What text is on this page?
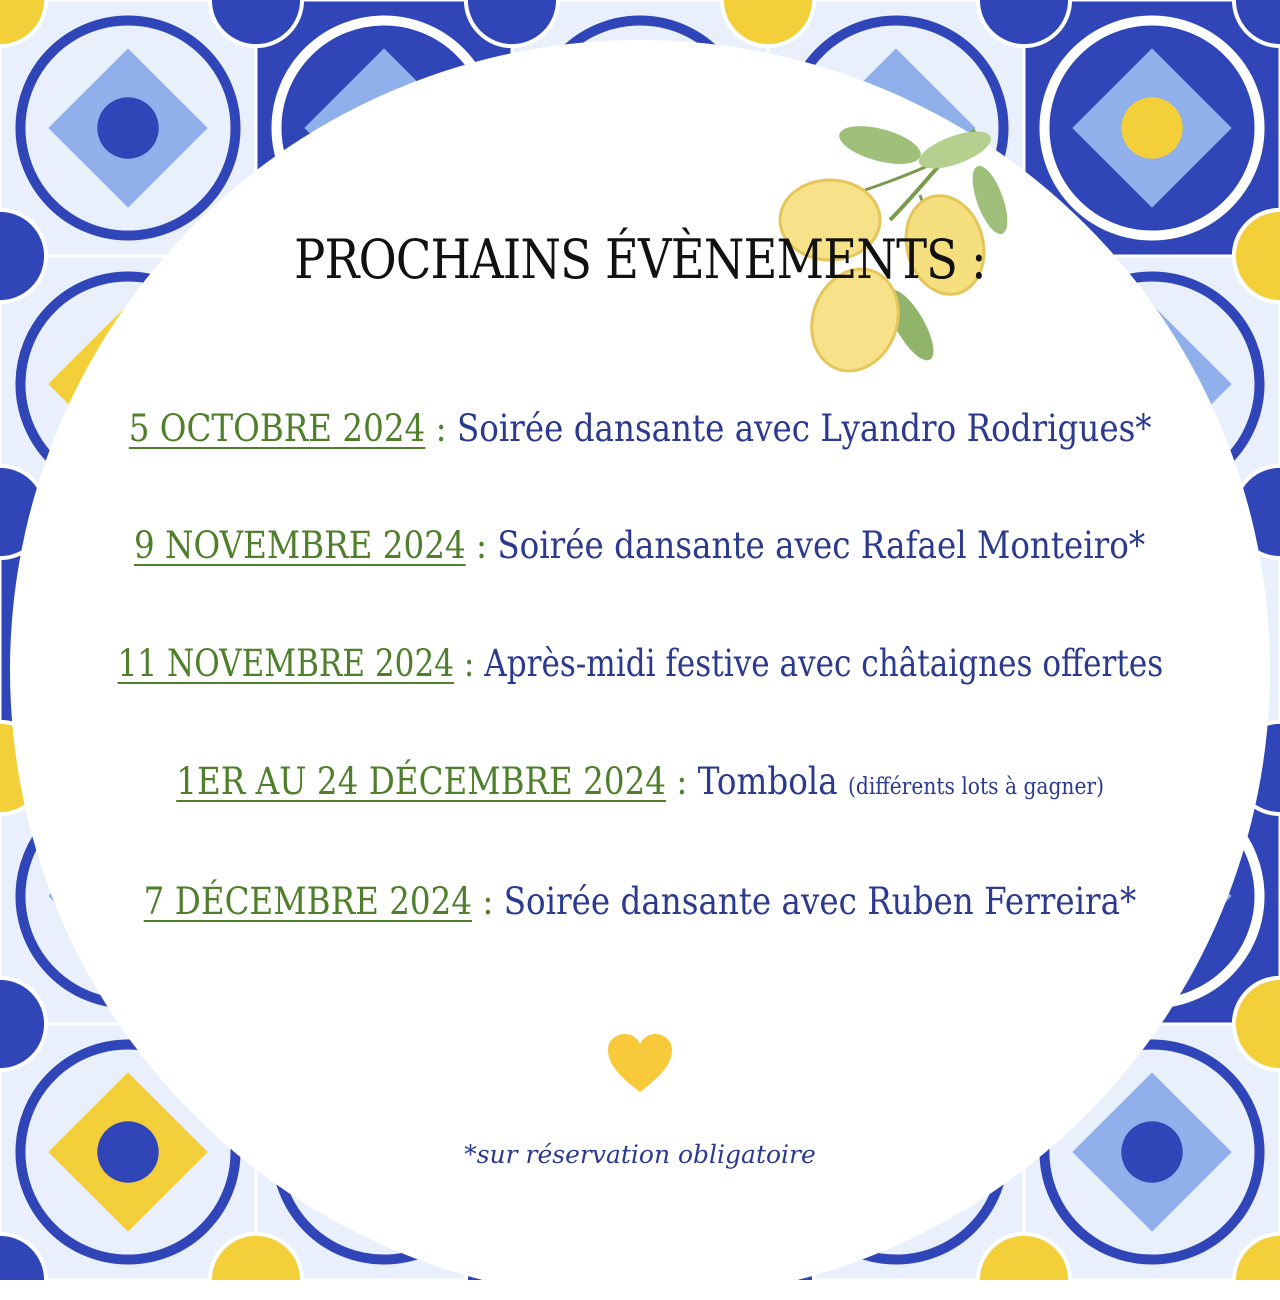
PROCHAINS ÉVÈNEMENTS :
5 OCTOBRE 2024 : Soirée dansante avec Lyandro Rodrigues*
9 NOVEMBRE 2024 : Soirée dansante avec Rafael Monteiro*
11 NOVEMBRE 2024 : Après-midi festive avec châtaignes offertes
1ER AU 24 DÉCEMBRE 2024 : Tombola (différents lots à gagner)
7 DÉCEMBRE 2024 : Soirée dansante avec Ruben Ferreira*
*sur réservation obligatoire
